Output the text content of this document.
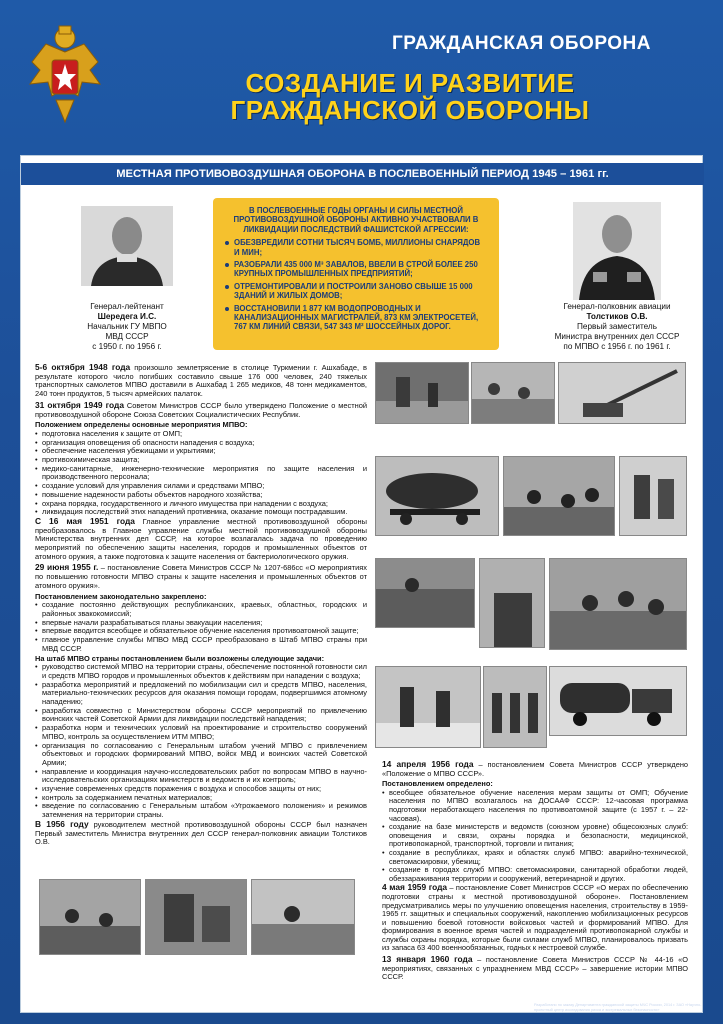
ГРАЖДАНСКАЯ ОБОРОНА
СОЗДАНИЕ И РАЗВИТИЕ
ГРАЖДАНСКОЙ ОБОРОНЫ
МЕСТНАЯ ПРОТИВОВОЗДУШНАЯ ОБОРОНА В ПОСЛЕВОЕННЫЙ ПЕРИОД 1945 – 1961 гг.
Генерал-лейтенант
Шередега И.С.
Начальник ГУ МВПО
МВД СССР
с 1950 г. по 1956 г.
В ПОСЛЕВОЕННЫЕ ГОДЫ ОРГАНЫ И СИЛЫ МЕСТНОЙ ПРОТИВОВОЗДУШНОЙ ОБОРОНЫ АКТИВНО УЧАСТВОВАЛИ В ЛИКВИДАЦИИ ПОСЛЕДСТВИЙ ФАШИСТСКОЙ АГРЕССИИ:
ОБЕЗВРЕДИЛИ СОТНИ ТЫСЯЧ БОМБ, МИЛЛИОНЫ СНАРЯДОВ И МИН;
РАЗОБРАЛИ 435 000 М³ ЗАВАЛОВ, ВВЕЛИ В СТРОЙ БОЛЕЕ 250 КРУПНЫХ ПРОМЫШЛЕННЫХ ПРЕДПРИЯТИЙ;
ОТРЕМОНТИРОВАЛИ И ПОСТРОИЛИ ЗАНОВО СВЫШЕ 15 000 ЗДАНИЙ И ЖИЛЫХ ДОМОВ;
ВОССТАНОВИЛИ 1 877 КМ ВОДОПРОВОДНЫХ И КАНАЛИЗАЦИОННЫХ МАГИСТРАЛЕЙ, 873 КМ ЭЛЕКТРОСЕТЕЙ, 767 КМ ЛИНИЙ СВЯЗИ, 547 343 М² ШОССЕЙНЫХ ДОРОГ.
Генерал-полковник авиации
Толстиков О.В.
Первый заместитель
Министра внутренних дел СССР
по МПВО с 1956 г. по 1961 г.

5-6 октября 1948 года произошло землетрясение в столице Туркмении г. Ашхабаде, в результате которого число погибших составило свыше 176 000 человек, 240 тяжелых транспортных самолетов МПВО доставили в Ашхабад 1 265 медиков, 48 тонн медикаментов, 240 тонн продуктов, 5 тысяч армейских палаток.

31 октября 1949 года Советом Министров СССР было утверждено Положение о местной противовоздушной обороне Союза Советских Социалистических Республик.

Положением определены основные мероприятия МПВО:
• подготовка населения к защите от ОМП;
• организация оповещения об опасности нападения с воздуха;
• обеспечение населения убежищами и укрытиями;
• противохимическая защита;
• медико-санитарные, инженерно-технические мероприятия по защите населения и производственного персонала;
• создание условий для управления силами и средствами МПВО;
• повышение надежности работы объектов народного хозяйства;
• охрана порядка, государственного и личного имущества при нападении с воздуха;
• ликвидация последствий этих нападений противника, оказание помощи пострадавшим.

С 16 мая 1951 года Главное управление местной противовоздушной обороны преобразовалось в Главное управление службы местной противовоздушной обороны Министерства внутренних дел СССР, на которое возлагалась задача по проведению мероприятий по обеспечению защиты населения, городов и промышленных объектов от атомного оружия, а также подготовка к защите населения от бактериологического оружия.

29 июня 1955 г. – постановление Совета Министров СССР № 1207-686сс «О мероприятиях по повышению готовности МПВО страны к защите населения и промышленных объектов от атомного оружия».

Постановлением законодательно закреплено:
• создание постоянно действующих республиканских, краевых, областных, городских и районных звакокомиссий;
• впервые начали разрабатываться планы эвакуации населения;
• впервые вводится всеобщее и обязательное обучение населения противоатомной защите;
• главное управление службы МПВО МВД СССР преобразовано в Штаб МПВО страны при МВД СССР.
На штаб МПВО страны постановлением были возложены следующие задачи:
• руководство системой МПВО на территории страны, обеспечение постоянной готовности сил и средств МПВО городов и промышленных объектов к действиям при нападении с воздуха;
• разработка мероприятий и предложений по мобилизации сил и средств МПВО, населения, материально-технических ресурсов для оказания помощи городам, подвергшимся атомному нападению;
• разработка совместно с Министерством обороны СССР мероприятий по привлечению воинских частей Советской Армии для ликвидации последствий нападения;
• разработка норм и технических условий на проектирование и строительство сооружений МПВО, контроль за осуществлением ИТМ МПВО;
• организация по согласованию с Генеральным штабом учений МПВО с привлечением объектовых и городских формирований МПВО, войск МВД и воинских частей Советской Армии;
• направление и координация научно-исследовательских работ по вопросам МПВО в научно-исследовательских организациях министерств и ведомств и их контроль;
• изучение современных средств поражения с воздуха и способов защиты от них;
• контроль за содержанием печатных материалов;
• введение по согласованию с Генеральным штабом «Угрожаемого положения» и режимов затемнения на территории страны.

В 1956 году руководителем местной противовоздушной обороны СССР был назначен Первый заместитель Министра внутренних дел СССР генерал-полковник авиации Толстиков О.В.

14 апреля 1956 года – постановлением Совета Министров СССР утверждено «Положение о МПВО СССР».

Постановлением определено:
• всеобщее обязательное обучение населения мерам защиты от ОМП; Обучение населения по МПВО возлагалось на ДОСААФ СССР: 12-часовая программа подготовки неработающего населения по противоатомной защите (с 1957 г. – 22-часовая).
• создание на базе министерств и ведомств (союзном уровне) общесоюзных служб: оповещения и связи, охраны порядка и безопасности, медицинской, противопожарной, транспортной, торговли и питания;
• создание в республиках, краях и областях служб МПВО: аварийно-технической, светомаскировки, убежищ;
• создание в городах служб МПВО: светомаскировки, санитарной обработки людей, обеззараживания территории и сооружений, ветеринарной и других.

4 мая 1959 года – постановление Совет Министров СССР «О мерах по обеспечению подготовки страны к местной противовоздушной обороне». Постановлением предусматривались меры по улучшению оповещения населения, строительству в 1959-1965 гг. защитных и специальных сооружений, накоплению мобилизационных ресурсов и повышению боевой готовности войсковых частей и формирований МПВО. Для формирования в военное время частей и подразделений противопожарной службы и службы охраны порядка, которые были силами служб МПВО, планировалось призвать из запаса 63 400 военнообязанных, годных к нестроевой службе.

13 января 1960 года – постановление Совета Министров СССР № 44-16 «О мероприятиях, связанных с упразднением МВД СССР» – завершение истории МПВО СССР.

Разработано по заказу Департамента гражданской защиты МЧС России, 2014 г. ЗАО «Научно-проектный центр исследования риска и экстремальных безопасности»
